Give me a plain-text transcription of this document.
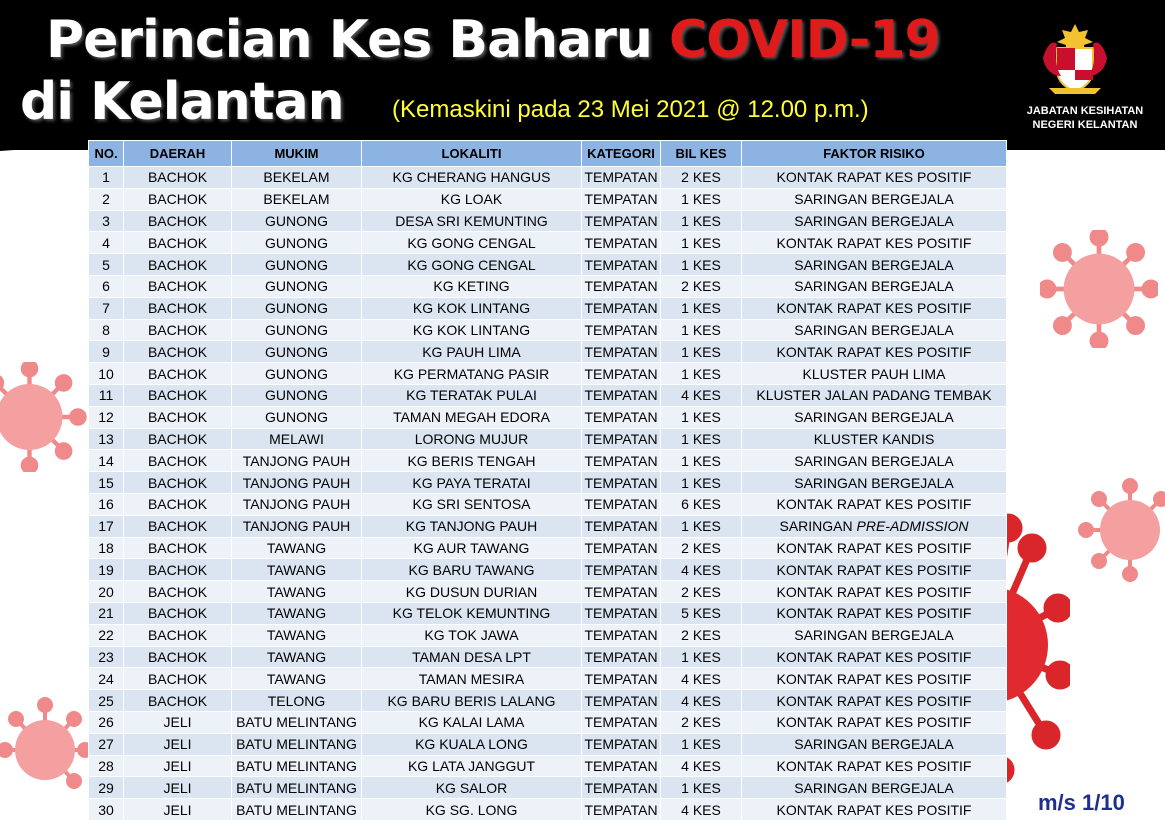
Perincian Kes Baharu COVID-19
di Kelantan (Kemaskini pada 23 Mei 2021 @ 12.00 p.m.)	JABATAN KESIHATAN
NEGERI KELANTAN
NO.	DAERAH	MUKIM	LOKALITI	KATEGORI	BIL KES	FAKTOR RISIKO
1	BACHOK	BEKELAM	KG CHERANG HANGUS	TEMPATAN	2 KES	KONTAK RAPAT KES POSITIF
2	BACHOK	BEKELAM	KG LOAK	TEMPATAN	1 KES	SARINGAN BERGEJALA
3	BACHOK	GUNONG	DESA SRI KEMUNTING	TEMPATAN	1 KES	SARINGAN BERGEJALA
4	BACHOK	GUNONG	KG GONG CENGAL	TEMPATAN	1 KES	KONTAK RAPAT KES POSITIF
5	BACHOK	GUNONG	KG GONG CENGAL	TEMPATAN	1 KES	SARINGAN BERGEJALA
6	BACHOK	GUNONG	KG KETING	TEMPATAN	2 KES	SARINGAN BERGEJALA
7	BACHOK	GUNONG	KG KOK LINTANG	TEMPATAN	1 KES	KONTAK RAPAT KES POSITIF
8	BACHOK	GUNONG	KG KOK LINTANG	TEMPATAN	1 KES	SARINGAN BERGEJALA
9	BACHOK	GUNONG	KG PAUH LIMA	TEMPATAN	1 KES	KONTAK RAPAT KES POSITIF
10	BACHOK	GUNONG	KG PERMATANG PASIR	TEMPATAN	1 KES	KLUSTER PAUH LIMA
11	BACHOK	GUNONG	KG TERATAK PULAI	TEMPATAN	4 KES	KLUSTER JALAN PADANG TEMBAK
12	BACHOK	GUNONG	TAMAN MEGAH EDORA	TEMPATAN	1 KES	SARINGAN BERGEJALA
13	BACHOK	MELAWI	LORONG MUJUR	TEMPATAN	1 KES	KLUSTER KANDIS
14	BACHOK	TANJONG PAUH	KG BERIS TENGAH	TEMPATAN	1 KES	SARINGAN BERGEJALA
15	BACHOK	TANJONG PAUH	KG PAYA TERATAI	TEMPATAN	1 KES	SARINGAN BERGEJALA
16	BACHOK	TANJONG PAUH	KG SRI SENTOSA	TEMPATAN	6 KES	KONTAK RAPAT KES POSITIF
17	BACHOK	TANJONG PAUH	KG TANJONG PAUH	TEMPATAN	1 KES	SARINGAN PRE-ADMISSION
18	BACHOK	TAWANG	KG AUR TAWANG	TEMPATAN	2 KES	KONTAK RAPAT KES POSITIF
19	BACHOK	TAWANG	KG BARU TAWANG	TEMPATAN	4 KES	KONTAK RAPAT KES POSITIF
20	BACHOK	TAWANG	KG DUSUN DURIAN	TEMPATAN	2 KES	KONTAK RAPAT KES POSITIF
21	BACHOK	TAWANG	KG TELOK KEMUNTING	TEMPATAN	5 KES	KONTAK RAPAT KES POSITIF
22	BACHOK	TAWANG	KG TOK JAWA	TEMPATAN	2 KES	SARINGAN BERGEJALA
23	BACHOK	TAWANG	TAMAN DESA LPT	TEMPATAN	1 KES	KONTAK RAPAT KES POSITIF
24	BACHOK	TAWANG	TAMAN MESIRA	TEMPATAN	4 KES	KONTAK RAPAT KES POSITIF
25	BACHOK	TELONG	KG BARU BERIS LALANG	TEMPATAN	4 KES	KONTAK RAPAT KES POSITIF
26	JELI	BATU MELINTANG	KG KALAI LAMA	TEMPATAN	2 KES	KONTAK RAPAT KES POSITIF
27	JELI	BATU MELINTANG	KG KUALA LONG	TEMPATAN	1 KES	SARINGAN BERGEJALA
28	JELI	BATU MELINTANG	KG LATA JANGGUT	TEMPATAN	4 KES	KONTAK RAPAT KES POSITIF
29	JELI	BATU MELINTANG	KG SALOR	TEMPATAN	1 KES	SARINGAN BERGEJALA
30	JELI	BATU MELINTANG	KG SG. LONG	TEMPATAN	4 KES	KONTAK RAPAT KES POSITIF	m/s 1/10
